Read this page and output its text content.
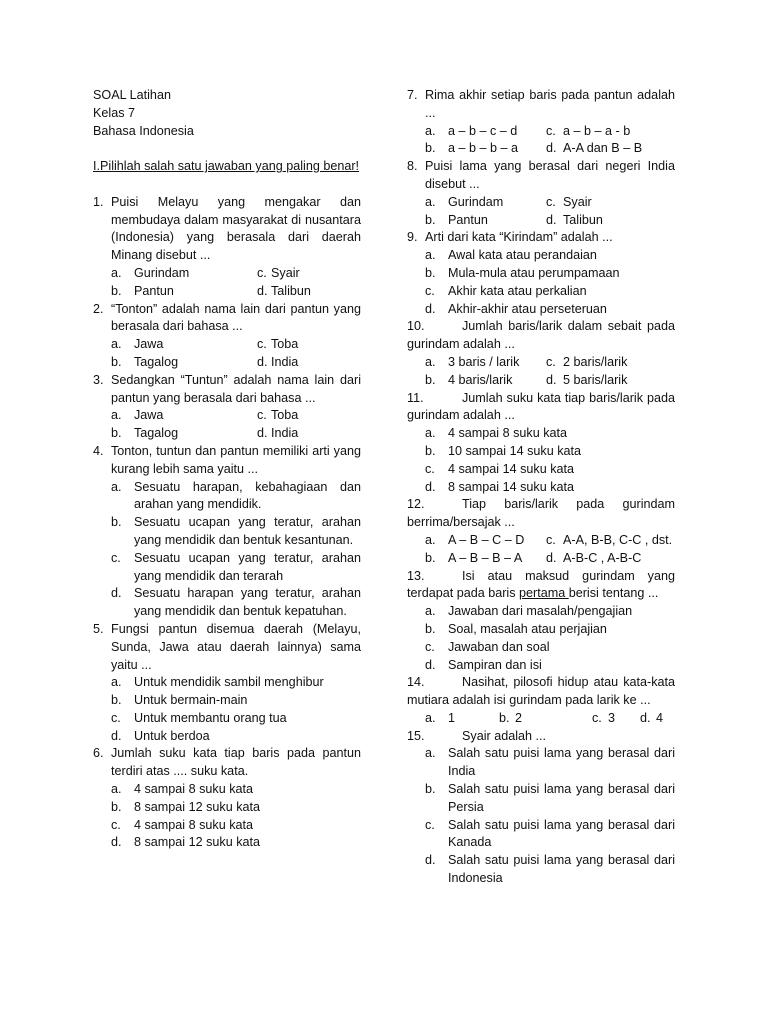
SOAL Latihan
Kelas 7
Bahasa Indonesia
I.Pilihlah salah satu jawaban yang paling benar!
1. Puisi Melayu yang mengakar dan membudaya dalam masyarakat di nusantara (Indonesia) yang berasala dari daerah Minang disebut ...
a. Gurindam	c. Syair
b. Pantun	d. Talibun
2. “Tonton” adalah nama lain dari pantun yang berasala dari bahasa ...
a. Jawa	c. Toba
b. Tagalog	d. India
3. Sedangkan “Tuntun” adalah nama lain dari pantun yang berasala dari bahasa ...
a. Jawa	c. Toba
b. Tagalog	d. India
4. Tonton, tuntun dan pantun memiliki arti yang kurang lebih sama yaitu ...
a. Sesuatu harapan, kebahagiaan dan arahan yang mendidik.
b. Sesuatu ucapan yang teratur, arahan yang mendidik dan bentuk kesantunan.
c.	Sesuatu ucapan yang teratur, arahan yang mendidik dan terarah
d. Sesuatu harapan yang teratur, arahan yang mendidik dan bentuk kepatuhan.
5. Fungsi pantun disemua daerah (Melayu, Sunda, Jawa atau daerah lainnya) sama yaitu ...
a. Untuk mendidik sambil menghibur
b. Untuk bermain-main
c.	Untuk membantu orang tua
d. Untuk berdoa
6. Jumlah suku kata tiap baris pada pantun terdiri atas .... suku kata.
a. 4 sampai 8 suku kata
b. 8 sampai 12 suku kata
c.	4 sampai 8 suku kata
d. 8 sampai 12 suku kata
7. Rima akhir setiap baris pada pantun adalah ...
a. a – b – c – d c. a – b – a - b
b. a – b – b – a d. A-A dan B – B
8. Puisi lama yang berasal dari negeri India disebut ...
a. Gurindam	c. Syair
b. Pantun	d. Talibun
9. Arti dari kata “Kirindam” adalah ...
a. Awal kata atau perandaian
b. Mula-mula atau perumpamaan
c.	Akhir kata atau perkalian
d. Akhir-akhir atau perseteruan
10.	Jumlah baris/larik dalam sebait pada gurindam adalah ...
a. 3 baris / larik c. 2 baris/larik
b. 4 baris/larik	d. 5 baris/larik
11.	Jumlah suku kata tiap baris/larik pada gurindam adalah ...
a. 4 sampai 8 suku kata
b. 10 sampai 14 suku kata
c.	4 sampai 14 suku kata
d. 8 sampai 14 suku kata
12.	Tiap baris/larik pada gurindam berrima/bersajak ...
a. A – B – C – D c. A-A, B-B, C-C , dst.
b. A – B – B – A d. A-B-C , A-B-C
13.	Isi atau maksud gurindam yang terdapat pada baris pertama berisi tentang ...
a. Jawaban dari masalah/pengajian
b. Soal, masalah atau perjajian
c.	Jawaban dan soal
d. Sampiran dan isi
14.	Nasihat, pilosofi hidup atau kata-kata mutiara adalah isi gurindam pada larik ke ...
a. 1	b. 2	c. 3 d. 4
15.	Syair adalah ...
a. Salah satu puisi lama yang berasal dari India
b. Salah satu puisi lama yang berasal dari Persia
c.	Salah satu puisi lama yang berasal dari Kanada
d. Salah satu puisi lama yang berasal dari Indonesia
